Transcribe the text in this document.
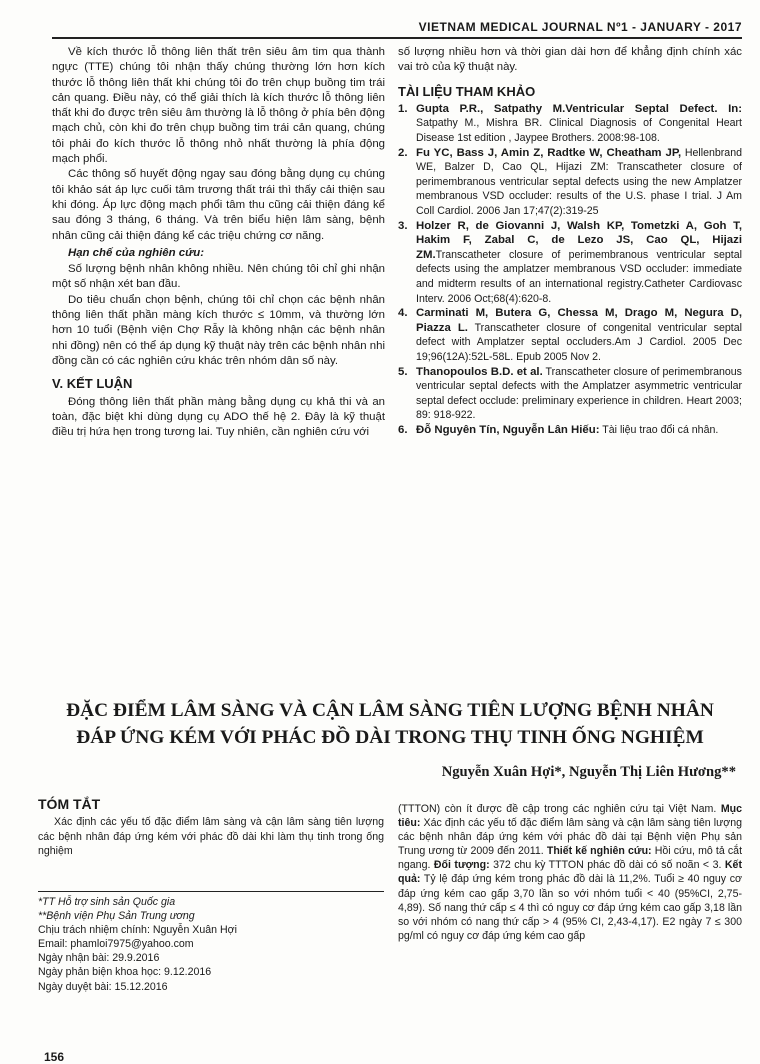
VIETNAM MEDICAL JOURNAL Nº1 - JANUARY - 2017

Về kích thước lỗ thông liên thất trên siêu âm tim qua thành ngực (TTE) chúng tôi nhận thấy chúng thường lớn hơn kích thước lỗ thông liên thất khi chúng tôi đo trên chụp buồng tim trái cản quang. Điều này, có thể giải thích là kích thước lỗ thông liên thất khi đo được trên siêu âm thường là lỗ thông ở phía bên động mạch chủ, còn khi đo trên chụp buồng tim trái cản quang, chúng tôi phải đo kích thước lỗ thông nhỏ nhất thường là phía động mạch phổi.

Các thông số huyết động ngay sau đóng bằng dụng cụ chúng tôi khảo sát áp lực cuối tâm trương thất trái thì thấy cải thiện sau khi đóng. Áp lực động mạch phổi tâm thu cũng cải thiện đáng kể sau đóng 3 tháng, 6 tháng. Và trên biểu hiện lâm sàng, bệnh nhân cũng cải thiện đáng kể các triệu chứng cơ năng.

Hạn chế của nghiên cứu:

Số lượng bệnh nhân không nhiều. Nên chúng tôi chỉ ghi nhận một số nhận xét ban đầu.

Do tiêu chuẩn chọn bệnh, chúng tôi chỉ chọn các bệnh nhân thông liên thất phần màng kích thước ≤ 10mm, và thường lớn hơn 10 tuổi (Bệnh viện Chợ Rẫy là không nhận các bệnh nhân nhi đồng) nên có thể áp dụng kỹ thuật này trên các bệnh nhân nhi đồng cần có các nghiên cứu khác trên nhóm dân số này.

V. KẾT LUẬN

Đóng thông liên thất phần màng bằng dụng cụ khả thi và an toàn, đặc biệt khi dùng dụng cụ ADO thế hệ 2. Đây là kỹ thuật điều trị hứa hẹn trong tương lai. Tuy nhiên, cần nghiên cứu với

số lượng nhiều hơn và thời gian dài hơn để khẳng định chính xác vai trò của kỹ thuật này.

TÀI LIỆU THAM KHẢO
1. Gupta P.R., Satpathy M.Ventricular Septal Defect. In: Satpathy M., Mishra BR. Clinical Diagnosis of Congenital Heart Disease 1st edition , Jaypee Brothers. 2008:98-108.
2. Fu YC, Bass J, Amin Z, Radtke W, Cheatham JP, Hellenbrand WE, Balzer D, Cao QL, Hijazi ZM: Transcatheter closure of perimembranous ventricular septal defects using the new Amplatzer membranous VSD occluder: results of the U.S. phase I trial. J Am Coll Cardiol. 2006 Jan 17;47(2):319-25
3. Holzer R, de Giovanni J, Walsh KP, Tometzki A, Goh T, Hakim F, Zabal C, de Lezo JS, Cao QL, Hijazi ZM.Transcatheter closure of perimembranous ventricular septal defects using the amplatzer membranous VSD occluder: immediate and midterm results of an international registry.Catheter Cardiovasc Interv. 2006 Oct;68(4):620-8.
4. Carminati M, Butera G, Chessa M, Drago M, Negura D, Piazza L. Transcatheter closure of congenital ventricular septal defect with Amplatzer septal occluders.Am J Cardiol. 2005 Dec 19;96(12A):52L-58L. Epub 2005 Nov 2.
5. Thanopoulos B.D. et al. Transcatheter closure of perimembranous ventricular septal defects with the Amplatzer asymmetric ventricular septal defect occlude: preliminary experience in children. Heart 2003; 89: 918-922.
6. Đỗ Nguyên Tín, Nguyễn Lân Hiếu: Tài liệu trao đổi cá nhân.
ĐẶC ĐIỂM LÂM SÀNG VÀ CẬN LÂM SÀNG TIÊN LƯỢNG BỆNH NHÂN
ĐÁP ỨNG KÉM VỚI PHÁC ĐỒ DÀI TRONG THỤ TINH ỐNG NGHIỆM
Nguyễn Xuân Hợi*, Nguyễn Thị Liên Hương**
TÓM TẮT

Xác định các yếu tố đặc điểm lâm sàng và cận lâm sàng tiên lượng các bệnh nhân đáp ứng kém với phác đồ dài khi làm thụ tinh trong ống nghiệm

(TTTON) còn ít được đề cập trong các nghiên cứu tại Việt Nam. Mục tiêu: Xác định các yếu tố đặc điểm lâm sàng và cận lâm sàng tiên lượng các bệnh nhân đáp ứng kém với phác đồ dài tại Bệnh viện Phụ sản Trung ương từ 2009 đến 2011. Thiết kế nghiên cứu: Hồi cứu, mô tả cắt ngang. Đối tượng: 372 chu kỳ TTTON phác đồ dài có số noãn < 3. Kết quả: Tỷ lệ đáp ứng kém trong phác đồ dài là 11,2%. Tuổi ≥ 40 nguy cơ đáp ứng kém cao gấp 3,70 lần so với nhóm tuổi < 40 (95%CI, 2,75-4,89). Số nang thứ cấp ≤ 4 thì có nguy cơ đáp ứng kém cao gấp 3,18 lần so với nhóm có nang thứ cấp > 4 (95% CI, 2,43-4,17). E2 ngày 7 ≤ 300 pg/ml có nguy cơ đáp ứng kém cao gấp
*TT Hỗ trợ sinh sản Quốc gia
**Bệnh viện Phụ Sản Trung ương
Chịu trách nhiệm chính: Nguyễn Xuân Hợi
Email: phamloi7975@yahoo.com
Ngày nhận bài: 29.9.2016
Ngày phản biện khoa học: 9.12.2016
Ngày duyệt bài: 15.12.2016
156
